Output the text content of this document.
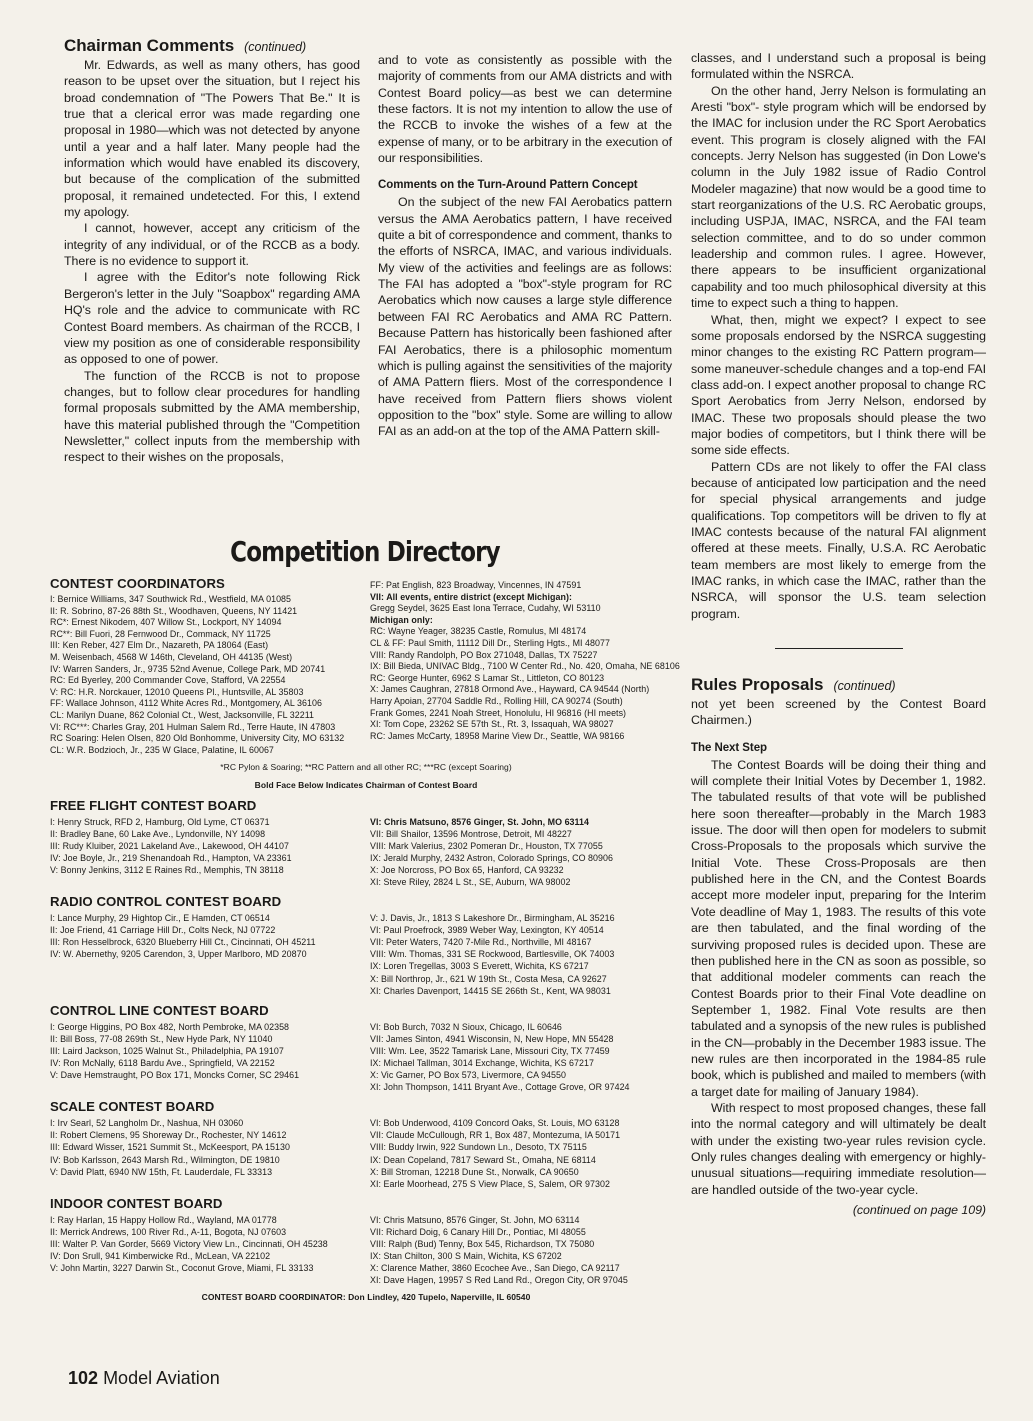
Chairman Comments (continued)

Mr. Edwards, as well as many others, has good reason to be upset over the situation, but I reject his broad condemnation of "The Powers That Be." It is true that a clerical error was made regarding one proposal in 1980—which was not detected by anyone until a year and a half later. Many people had the information which would have enabled its discovery, but because of the complication of the submitted proposal, it remained undetected. For this, I extend my apology.

I cannot, however, accept any criticism of the integrity of any individual, or of the RCCB as a body. There is no evidence to support it.

I agree with the Editor's note following Rick Bergeron's letter in the July "Soapbox" regarding AMA HQ's role and the advice to communicate with RC Contest Board members. As chairman of the RCCB, I view my position as one of considerable responsibility as opposed to one of power.

The function of the RCCB is not to propose changes, but to follow clear procedures for handling formal proposals submitted by the AMA membership, have this material published through the "Competition Newsletter," collect inputs from the membership with respect to their wishes on the proposals,

and to vote as consistently as possible with the majority of comments from our AMA districts and with Contest Board policy—as best we can determine these factors. It is not my intention to allow the use of the RCCB to invoke the wishes of a few at the expense of many, or to be arbitrary in the execution of our responsibilities.

Comments on the Turn-Around Pattern Concept

On the subject of the new FAI Aerobatics pattern versus the AMA Aerobatics pattern, I have received quite a bit of correspondence and comment, thanks to the efforts of NSRCA, IMAC, and various individuals. My view of the activities and feelings are as follows: The FAI has adopted a "box"-style program for RC Aerobatics which now causes a large style difference between FAI RC Aerobatics and AMA RC Pattern. Because Pattern has historically been fashioned after FAI Aerobatics, there is a philosophic momentum which is pulling against the sensitivities of the majority of AMA Pattern fliers. Most of the correspondence I have received from Pattern fliers shows violent opposition to the "box" style. Some are willing to allow FAI as an add-on at the top of the AMA Pattern skill-

classes, and I understand such a proposal is being formulated within the NSRCA.

On the other hand, Jerry Nelson is formulating an Aresti "box"- style program which will be endorsed by the IMAC for inclusion under the RC Sport Aerobatics event. This program is closely aligned with the FAI concepts. Jerry Nelson has suggested (in Don Lowe's column in the July 1982 issue of Radio Control Modeler magazine) that now would be a good time to start reorganizations of the U.S. RC Aerobatic groups, including USPJA, IMAC, NSRCA, and the FAI team selection committee, and to do so under common leadership and common rules. I agree. However, there appears to be insufficient organizational capability and too much philosophical diversity at this time to expect such a thing to happen.

What, then, might we expect? I expect to see some proposals endorsed by the NSRCA suggesting minor changes to the existing RC Pattern program—some maneuver-schedule changes and a top-end FAI class add-on. I expect another proposal to change RC Sport Aerobatics from Jerry Nelson, endorsed by IMAC. These two proposals should please the two major bodies of competitors, but I think there will be some side effects.

Pattern CDs are not likely to offer the FAI class because of anticipated low participation and the need for special physical arrangements and judge qualifications. Top competitors will be driven to fly at IMAC contests because of the natural FAI alignment offered at these meets. Finally, U.S.A. RC Aerobatic team members are most likely to emerge from the IMAC ranks, in which case the IMAC, rather than the NSRCA, will sponsor the U.S. team selection program.

Rules Proposals (continued)

not yet been screened by the Contest Board Chairmen.)

The Next Step

The Contest Boards will be doing their thing and will complete their Initial Votes by December 1, 1982. The tabulated results of that vote will be published here soon thereafter—probably in the March 1983 issue. The door will then open for modelers to submit Cross-Proposals to the proposals which survive the Initial Vote. These Cross-Proposals are then published here in the CN, and the Contest Boards accept more modeler input, preparing for the Interim Vote deadline of May 1, 1983. The results of this vote are then tabulated, and the final wording of the surviving proposed rules is decided upon. These are then published here in the CN as soon as possible, so that additional modeler comments can reach the Contest Boards prior to their Final Vote deadline on September 1, 1982. Final Vote results are then tabulated and a synopsis of the new rules is published in the CN—probably in the December 1983 issue. The new rules are then incorporated in the 1984-85 rule book, which is published and mailed to members (with a target date for mailing of January 1984).

With respect to most proposed changes, these fall into the normal category and will ultimately be dealt with under the existing two-year rules revision cycle. Only rules changes dealing with emergency or highly-unusual situations—requiring immediate resolution—are handled outside of the two-year cycle.

(continued on page 109)
Competition Directory
CONTEST COORDINATORS
I: Bernice Williams, 347 Southwick Rd., Westfield, MA 01085
II: R. Sobrino, 87-26 88th St., Woodhaven, Queens, NY 11421
RC*: Ernest Nikodem, 407 Willow St., Lockport, NY 14094
RC**: Bill Fuori, 28 Fernwood Dr., Commack, NY 11725
III: Ken Reber, 427 Elm Dr., Nazareth, PA 18064 (East)
M. Weisenbach, 4568 W 146th, Cleveland, OH 44135 (West)
IV: Warren Sanders, Jr., 9735 52nd Avenue, College Park, MD 20741
RC: Ed Byerley, 200 Commander Cove, Stafford, VA 22554
V: RC: H.R. Norckauer, 12010 Queens Pl., Huntsville, AL 35803
FF: Wallace Johnson, 4112 White Acres Rd., Montgomery, AL 36106
CL: Marilyn Duane, 862 Colonial Ct., West, Jacksonville, FL 32211
VI: RC***: Charles Gray, 201 Hulman Salem Rd., Terre Haute, IN 47803
RC Soaring: Helen Olsen, 820 Old Bonhomme, University City, MO 63132
CL: W.R. Bodzioch, Jr., 235 W Glace, Palatine, IL 60067
FF: Pat English, 823 Broadway, Vincennes, IN 47591
VII: All events, entire district (except Michigan):
Gregg Seydel, 3625 East Iona Terrace, Cudahy, WI 53110
Michigan only:
RC: Wayne Yeager, 38235 Castle, Romulus, MI 48174
CL & FF: Paul Smith, 11112 Dill Dr., Sterling Hgts., MI 48077
VIII: Randy Randolph, PO Box 271048, Dallas, TX 75227
IX: Bill Bieda, UNIVAC Bldg., 7100 W Center Rd., No. 420, Omaha, NE 68106
RC: George Hunter, 6962 S Lamar St., Littleton, CO 80123
X: James Caughran, 27818 Ormond Ave., Hayward, CA 94544 (North)
Harry Apoian, 27704 Saddle Rd., Rolling Hill, CA 90274 (South)
Frank Gomes, 2241 Noah Street, Honolulu, HI 96816 (HI meets)
XI: Tom Cope, 23262 SE 57th St., Rt. 3, Issaquah, WA 98027
RC: James McCarty, 18958 Marine View Dr., Seattle, WA 98166
*RC Pylon & Soaring; **RC Pattern and all other RC; ***RC (except Soaring)
Bold Face Below Indicates Chairman of Contest Board
FREE FLIGHT CONTEST BOARD
I: Henry Struck, RFD 2, Hamburg, Old Lyme, CT 06371
II: Bradley Bane, 60 Lake Ave., Lyndonville, NY 14098
III: Rudy Kluiber, 2021 Lakeland Ave., Lakewood, OH 44107
IV: Joe Boyle, Jr., 219 Shenandoah Rd., Hampton, VA 23361
V: Bonny Jenkins, 3112 E Raines Rd., Memphis, TN 38118
VI: Chris Matsuno, 8576 Ginger, St. John, MO 63114
VII: Bill Shailor, 13596 Montrose, Detroit, MI 48227
VIII: Mark Valerius, 2302 Pomeran Dr., Houston, TX 77055
IX: Jerald Murphy, 2432 Astron, Colorado Springs, CO 80906
X: Joe Norcross, PO Box 65, Hanford, CA 93232
XI: Steve Riley, 2824 L St., SE, Auburn, WA 98002
RADIO CONTROL CONTEST BOARD
I: Lance Murphy, 29 Hightop Cir., E Hamden, CT 06514
II: Joe Friend, 41 Carriage Hill Dr., Colts Neck, NJ 07722
III: Ron Hesselbrock, 6320 Blueberry Hill Ct., Cincinnati, OH 45211
IV: W. Abernethy, 9205 Carendon, 3, Upper Marlboro, MD 20870
V: J. Davis, Jr., 1813 S Lakeshore Dr., Birmingham, AL 35216
VI: Paul Proefrock, 3989 Weber Way, Lexington, KY 40514
VII: Peter Waters, 7420 7-Mile Rd., Northville, MI 48167
VIII: Wm. Thomas, 331 SE Rockwood, Bartlesville, OK 74003
IX: Loren Tregellas, 3003 S Everett, Wichita, KS 67217
X: Bill Northrop, Jr., 621 W 19th St., Costa Mesa, CA 92627
XI: Charles Davenport, 14415 SE 266th St., Kent, WA 98031
CONTROL LINE CONTEST BOARD
I: George Higgins, PO Box 482, North Pembroke, MA 02358
II: Bill Boss, 77-08 269th St., New Hyde Park, NY 11040
III: Laird Jackson, 1025 Walnut St., Philadelphia, PA 19107
IV: Ron McNally, 6118 Bardu Ave., Springfield, VA 22152
V: Dave Hemstraught, PO Box 171, Moncks Corner, SC 29461
VI: Bob Burch, 7032 N Sioux, Chicago, IL 60646
VII: James Sinton, 4941 Wisconsin, N, New Hope, MN 55428
VIII: Wm. Lee, 3522 Tamarisk Lane, Missouri City, TX 77459
IX: Michael Tallman, 3014 Exchange, Wichita, KS 67217
X: Vic Garner, PO Box 573, Livermore, CA 94550
XI: John Thompson, 1411 Bryant Ave., Cottage Grove, OR 97424
SCALE CONTEST BOARD
I: Irv Searl, 52 Langholm Dr., Nashua, NH 03060
II: Robert Clemens, 95 Shoreway Dr., Rochester, NY 14612
III: Edward Wisser, 1521 Summit St., McKeesport, PA 15130
IV: Bob Karlsson, 2643 Marsh Rd., Wilmington, DE 19810
V: David Platt, 6940 NW 15th, Ft. Lauderdale, FL 33313
VI: Bob Underwood, 4109 Concord Oaks, St. Louis, MO 63128
VII: Claude McCullough, RR 1, Box 487, Montezuma, IA 50171
VIII: Buddy Irwin, 922 Sundown Ln., Desoto, TX 75115
IX: Dean Copeland, 7817 Seward St., Omaha, NE 68114
X: Bill Stroman, 12218 Dune St., Norwalk, CA 90650
XI: Earle Moorhead, 275 S View Place, S, Salem, OR 97302
INDOOR CONTEST BOARD
I: Ray Harlan, 15 Happy Hollow Rd., Wayland, MA 01778
II: Merrick Andrews, 100 River Rd., A-11, Bogota, NJ 07603
III: Walter P. Van Gorder, 5669 Victory View Ln., Cincinnati, OH 45238
IV: Don Srull, 941 Kimberwicke Rd., McLean, VA 22102
V: John Martin, 3227 Darwin St., Coconut Grove, Miami, FL 33133
VI: Chris Matsuno, 8576 Ginger, St. John, MO 63114
VII: Richard Doig, 6 Canary Hill Dr., Pontiac, MI 48055
VIII: Ralph (Bud) Tenny, Box 545, Richardson, TX 75080
IX: Stan Chilton, 300 S Main, Wichita, KS 67202
X: Clarence Mather, 3860 Ecochee Ave., San Diego, CA 92117
XI: Dave Hagen, 19957 S Red Land Rd., Oregon City, OR 97045
CONTEST BOARD COORDINATOR: Don Lindley, 420 Tupelo, Naperville, IL 60540
102 Model Aviation
